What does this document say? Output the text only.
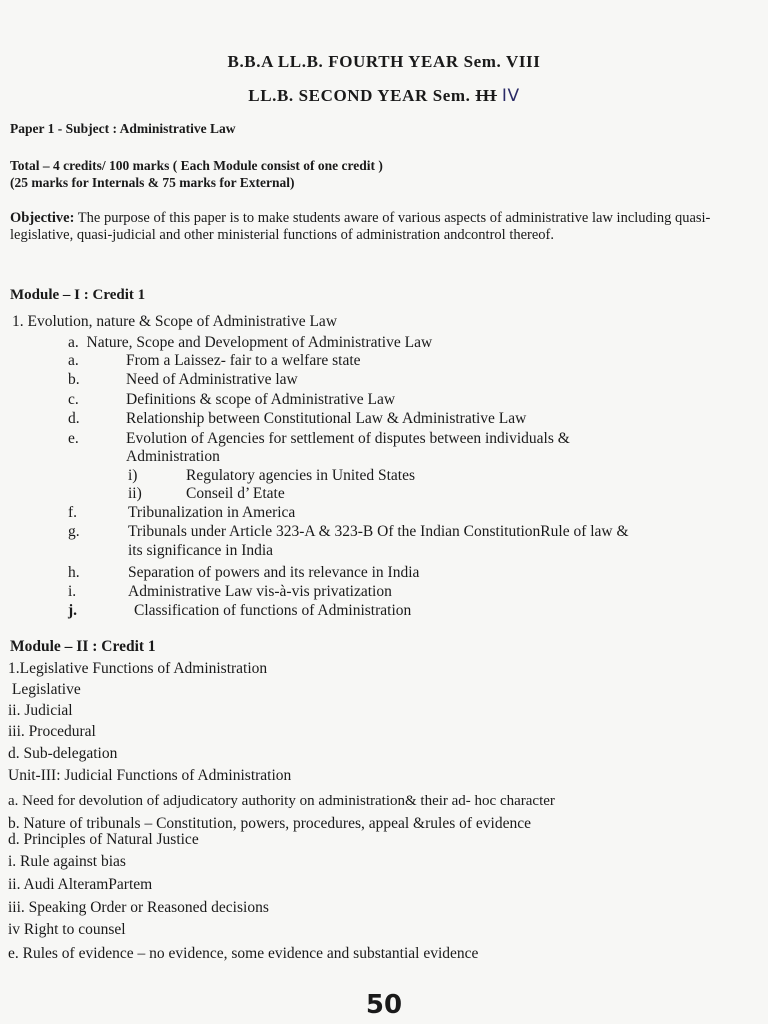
B.B.A LL.B. FOURTH YEAR Sem. VIII
LL.B. SECOND YEAR Sem. III IV
Paper 1 - Subject : Administrative Law
Total – 4 credits/ 100 marks ( Each Module consist of one credit )
(25 marks for Internals & 75 marks for External)
Objective: The purpose of this paper is to make students aware of various aspects of administrative law including quasi-legislative, quasi-judicial and other ministerial functions of administration andcontrol thereof.
Module – I : Credit 1
1. Evolution, nature & Scope of Administrative Law
a. Nature, Scope and Development of Administrative Law
a.	From a Laissez- fair to a welfare state
b.	Need of Administrative law
c.	Definitions & scope of Administrative Law
d.	Relationship between Constitutional Law & Administrative Law
e.	Evolution of Agencies for settlement of disputes between individuals &
Administration
i)	Regulatory agencies in United States
ii)	Conseil d’ Etate
f.	Tribunalization in America
g.	Tribunals under Article 323-A & 323-B Of the Indian ConstitutionRule of law &
its significance in India
h.	Separation of powers and its relevance in India
i.	Administrative Law vis-à-vis privatization
j.	Classification of functions of Administration
Module – II : Credit 1
1.Legislative Functions of Administration
Legislative
ii. Judicial
iii. Procedural
d. Sub-delegation
Unit-III: Judicial Functions of Administration
a. Need for devolution of adjudicatory authority on administration& their ad- hoc character
b. Nature of tribunals – Constitution, powers, procedures, appeal &rules of evidence
d. Principles of Natural Justice
i. Rule against bias
ii. Audi AlteramPartem
iii. Speaking Order or Reasoned decisions
iv Right to counsel
e. Rules of evidence – no evidence, some evidence and substantial evidence
50
